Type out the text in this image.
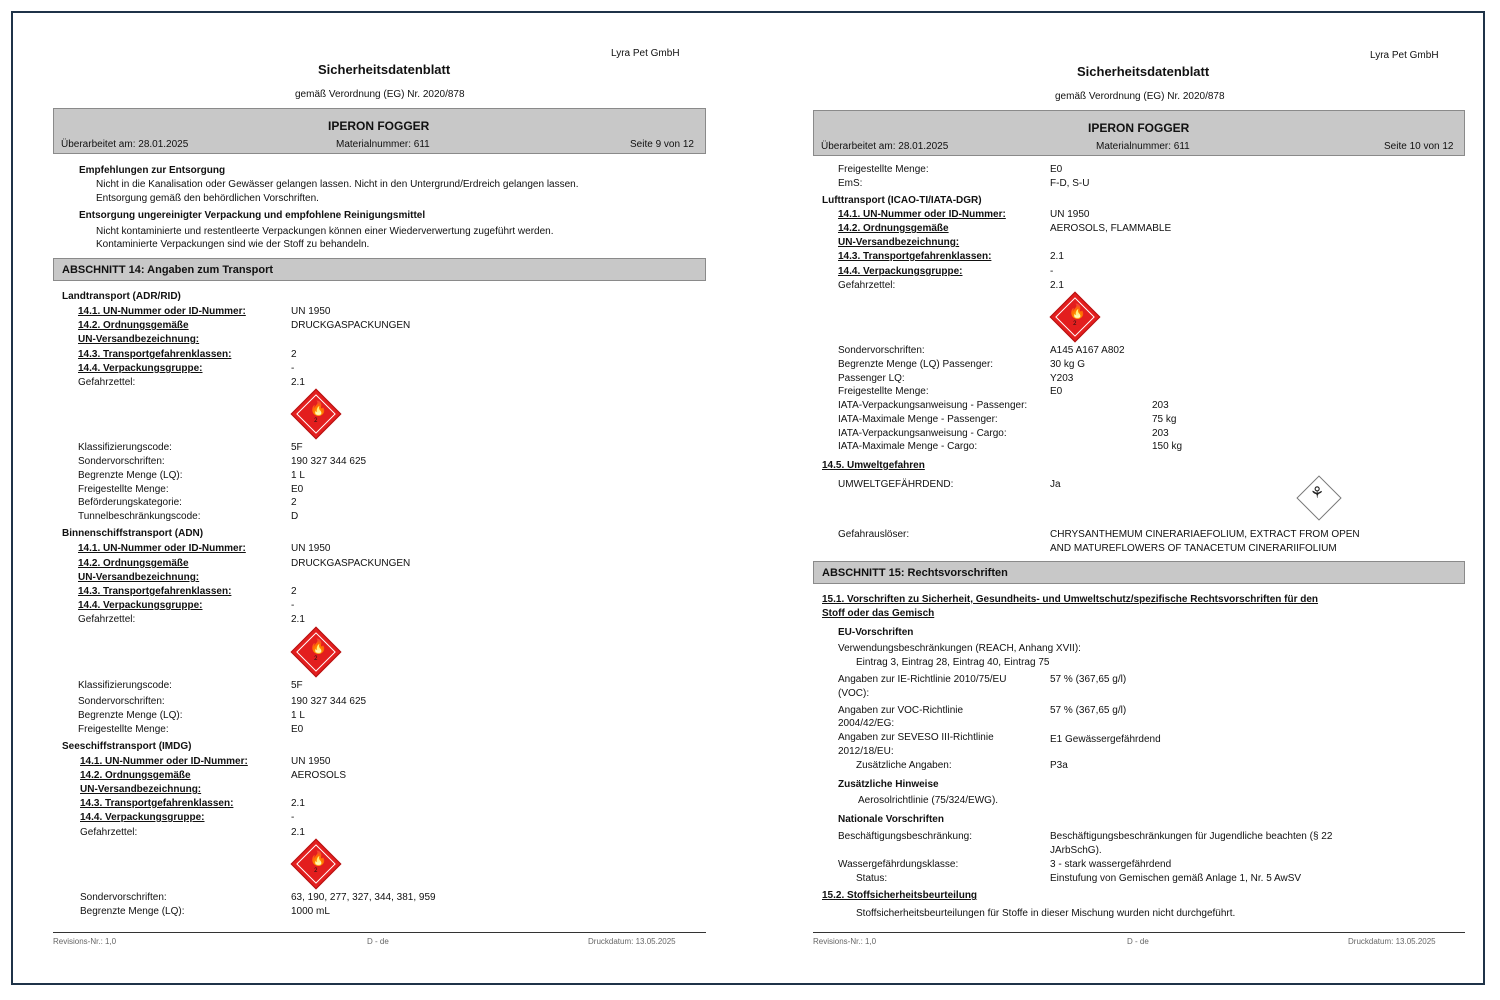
Lyra Pet GmbH
Sicherheitsdatenblatt
gemäß Verordnung (EG) Nr. 2020/878
IPERON FOGGER
Überarbeitet am: 28.01.2025	Materialnummer: 611	Seite 9 von 12
Empfehlungen zur Entsorgung
Nicht in die Kanalisation oder Gewässer gelangen lassen. Nicht in den Untergrund/Erdreich gelangen lassen.
Entsorgung gemäß den behördlichen Vorschriften.
Entsorgung ungereinigter Verpackung und empfohlene Reinigungsmittel
Nicht kontaminierte und restentleerte Verpackungen können einer Wiederverwertung zugeführt werden.
Kontaminierte Verpackungen sind wie der Stoff zu behandeln.
ABSCHNITT 14: Angaben zum Transport
Landtransport (ADR/RID)
14.1. UN-Nummer oder ID-Nummer:	UN 1950
14.2. Ordnungsgemäße	DRUCKGASPACKUNGEN
UN-Versandbezeichnung:
14.3. Transportgefahrenklassen:	2
14.4. Verpackungsgruppe:	-
Gefahrzettel:	2.1
🔥
2
Klassifizierungscode:	5F
Sondervorschriften:	190 327 344 625
Begrenzte Menge (LQ):	1 L
Freigestellte Menge:	E0
Beförderungskategorie:	2
Tunnelbeschränkungscode:	D
Binnenschiffstransport (ADN)
14.1. UN-Nummer oder ID-Nummer:	UN 1950
14.2. Ordnungsgemäße	DRUCKGASPACKUNGEN
UN-Versandbezeichnung:
14.3. Transportgefahrenklassen:	2
14.4. Verpackungsgruppe:	-
Gefahrzettel:	2.1
🔥
2
Klassifizierungscode:	5F
Sondervorschriften:	190 327 344 625
Begrenzte Menge (LQ):	1 L
Freigestellte Menge:	E0
Seeschiffstransport (IMDG)
14.1. UN-Nummer oder ID-Nummer:	UN 1950
14.2. Ordnungsgemäße	AEROSOLS
UN-Versandbezeichnung:
14.3. Transportgefahrenklassen:	2.1
14.4. Verpackungsgruppe:	-
Gefahrzettel:	2.1
🔥
2
Sondervorschriften:	63, 190, 277, 327, 344, 381, 959
Begrenzte Menge (LQ):	1000 mL
Revisions-Nr.: 1,0	D - de	Druckdatum: 13.05.2025
Lyra Pet GmbH
Sicherheitsdatenblatt
gemäß Verordnung (EG) Nr. 2020/878
IPERON FOGGER
Überarbeitet am: 28.01.2025	Materialnummer: 611	Seite 10 von 12
Freigestellte Menge:	E0
EmS:	F-D, S-U
Lufttransport (ICAO-TI/IATA-DGR)
14.1. UN-Nummer oder ID-Nummer:	UN 1950
14.2. Ordnungsgemäße	AEROSOLS, FLAMMABLE
UN-Versandbezeichnung:
14.3. Transportgefahrenklassen:	2.1
14.4. Verpackungsgruppe:	-
Gefahrzettel:	2.1
🔥
2
Sondervorschriften:	A145 A167 A802
Begrenzte Menge (LQ) Passenger:	30 kg G
Passenger LQ:	Y203
Freigestellte Menge:	E0
IATA-Verpackungsanweisung - Passenger:	203
IATA-Maximale Menge - Passenger:	75 kg
IATA-Verpackungsanweisung - Cargo:	203
IATA-Maximale Menge - Cargo:	150 kg
14.5. Umweltgefahren
UMWELTGEFÄHRDEND:	Ja
⚘
Gefahrauslöser:	CHRYSANTHEMUM CINERARIAEFOLIUM, EXTRACT FROM OPEN
AND MATUREFLOWERS OF TANACETUM CINERARIIFOLIUM
ABSCHNITT 15: Rechtsvorschriften
15.1. Vorschriften zu Sicherheit, Gesundheits- und Umweltschutz/spezifische Rechtsvorschriften für den
Stoff oder das Gemisch
EU-Vorschriften
Verwendungsbeschränkungen (REACH, Anhang XVII):
Eintrag 3, Eintrag 28, Eintrag 40, Eintrag 75
Angaben zur IE-Richtlinie 2010/75/EU
(VOC):
57 % (367,65 g/l)
Angaben zur VOC-Richtlinie
2004/42/EG:
57 % (367,65 g/l)
Angaben zur SEVESO III-Richtlinie
2012/18/EU:
E1 Gewässergefährdend
Zusätzliche Angaben:	P3a
Zusätzliche Hinweise
Aerosolrichtlinie (75/324/EWG).
Nationale Vorschriften
Beschäftigungsbeschränkung:	Beschäftigungsbeschränkungen für Jugendliche beachten (§ 22
JArbSchG).
Wassergefährdungsklasse:	3 - stark wassergefährdend
Status:	Einstufung von Gemischen gemäß Anlage 1, Nr. 5 AwSV
15.2. Stoffsicherheitsbeurteilung
Stoffsicherheitsbeurteilungen für Stoffe in dieser Mischung wurden nicht durchgeführt.
Revisions-Nr.: 1,0	D - de	Druckdatum: 13.05.2025
